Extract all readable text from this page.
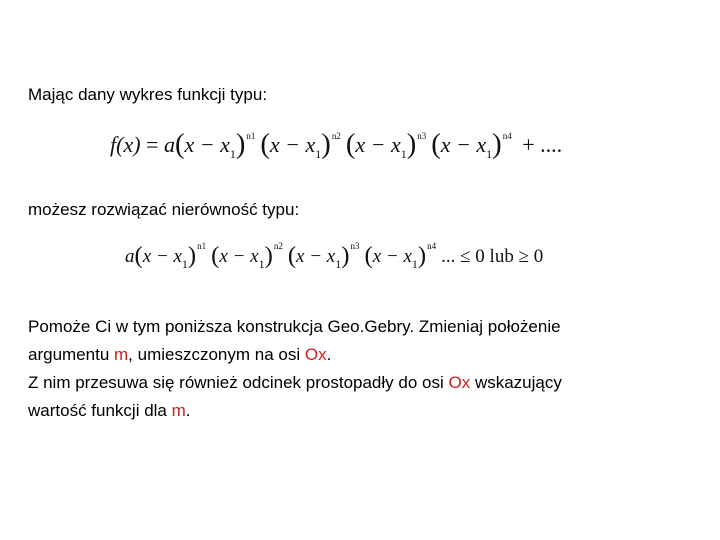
Mając dany wykres funkcji typu:
$f(x) = a(x - x_1)^{n1}$ $(x - x_1)^{n2}$ $(x - x_1)^{n3}$ $(x - x_1)^{n4}$ + ....
możesz rozwiązać nierówność typu:
$a(x - x_1)^{n1}$ $(x - x_1)^{n2}$ $(x - x_1)^{n3}$ $(x - x_1)^{n4}$ ... ≤ 0 lub ≥ 0
Pomoże Ci w tym poniższa konstrukcja Geo.Gebry. Zmieniaj położenie
argumentu m, umieszczonym na osi Ox.
Z nim przesuwa się również odcinek prostopadły do osi Ox wskazujący
wartość funkcji dla m.
